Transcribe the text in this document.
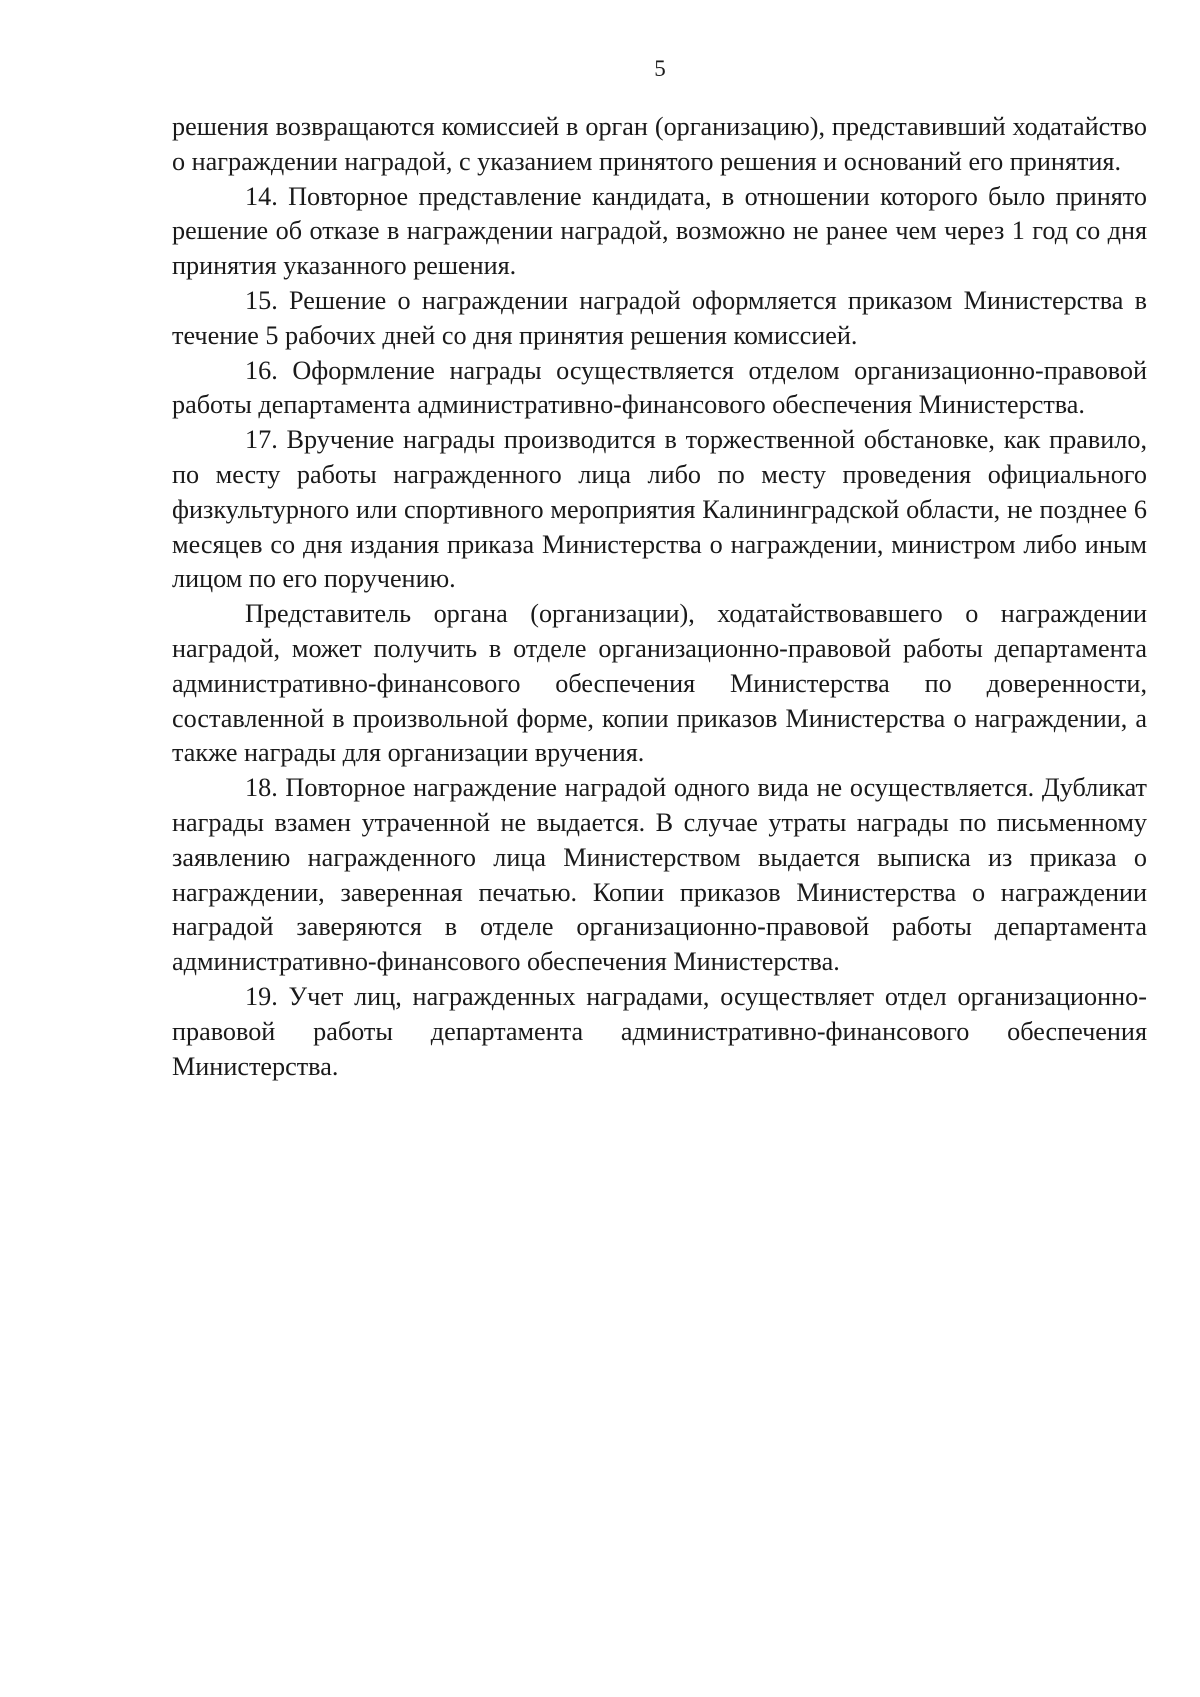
5

решения возвращаются комиссией в орган (организацию), представивший ходатайство о награждении наградой, с указанием принятого решения и оснований его принятия.

14. Повторное представление кандидата, в отношении которого было принято решение об отказе в награждении наградой, возможно не ранее чем через 1 год со дня принятия указанного решения.

15. Решение о награждении наградой оформляется приказом Министерства в течение 5 рабочих дней со дня принятия решения комиссией.

16. Оформление награды осуществляется отделом организационно-правовой работы департамента административно-финансового обеспечения Министерства.

17. Вручение награды производится в торжественной обстановке, как правило, по месту работы награжденного лица либо по месту проведения официального физкультурного или спортивного мероприятия Калининградской области, не позднее 6 месяцев со дня издания приказа Министерства о награждении, министром либо иным лицом по его поручению.

Представитель органа (организации), ходатайствовавшего о награждении наградой, может получить в отделе организационно-правовой работы департамента административно-финансового обеспечения Министерства по доверенности, составленной в произвольной форме, копии приказов Министерства о награждении, а также награды для организации вручения.

18. Повторное награждение наградой одного вида не осуществляется. Дубликат награды взамен утраченной не выдается. В случае утраты награды по письменному заявлению награжденного лица Министерством выдается выписка из приказа о награждении, заверенная печатью. Копии приказов Министерства о награждении наградой заверяются в отделе организационно-правовой работы департамента административно-финансового обеспечения Министерства.

19. Учет лиц, награжденных наградами, осуществляет отдел организационно-правовой работы департамента административно-финансового обеспечения Министерства.
